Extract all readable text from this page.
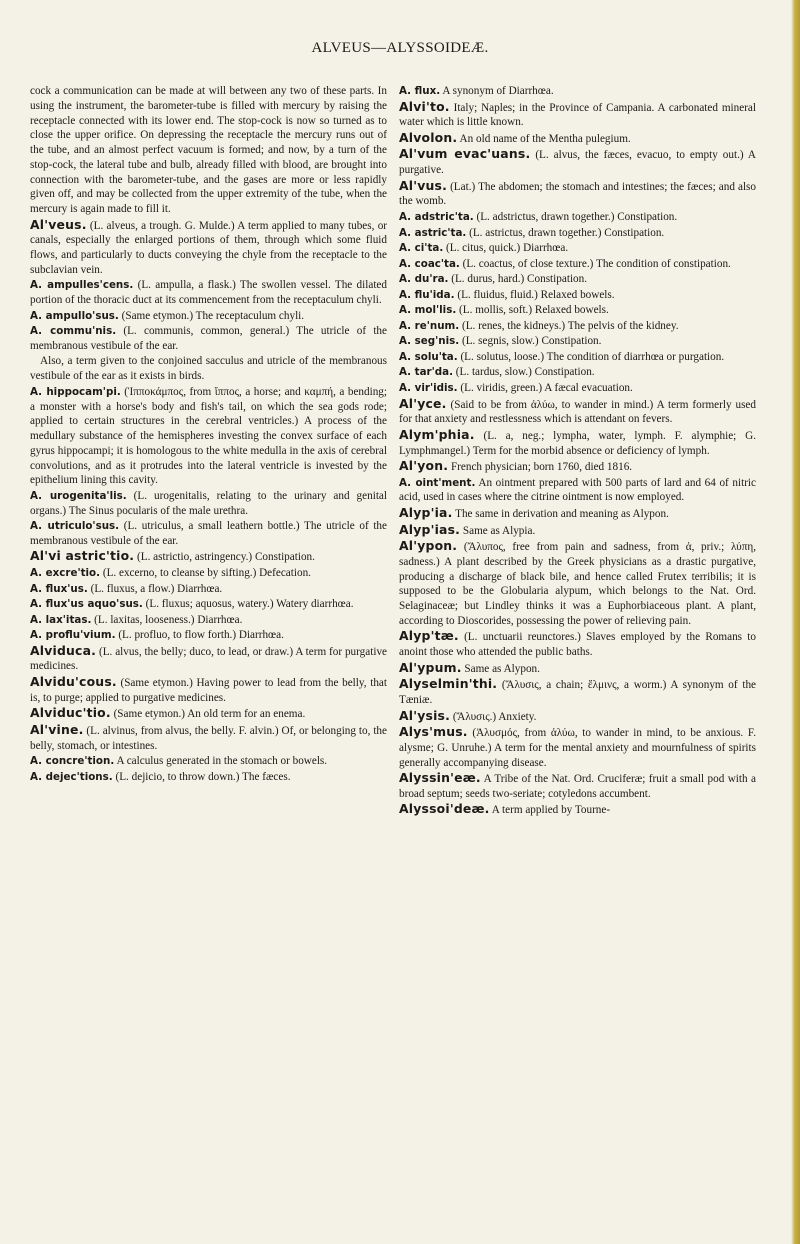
ALVEUS—ALYSSOIDEÆ.

cock a communication can be made at will between any two of these parts. In using the instrument, the barometer-tube is filled with mercury by raising the receptacle connected with its lower end. The stop-cock is now so turned as to close the upper orifice. On depressing the receptacle the mercury runs out of the tube, and an almost perfect vacuum is formed; and now, by a turn of the stop-cock, the lateral tube and bulb, already filled with blood, are brought into connection with the barometer-tube, and the gases are more or less rapidly given off, and may be collected from the upper extremity of the tube, when the mercury is again made to fill it.

Al'veus. (L. alveus, a trough. G. Mulde.) A term applied to many tubes, or canals, especially the enlarged portions of them, through which some fluid flows, and particularly to ducts conveying the chyle from the receptacle to the subclavian vein.

A. ampulles'cens. (L. ampulla, a flask.) The swollen vessel. The dilated portion of the thoracic duct at its commencement from the receptaculum chyli.

A. ampullo'sus. (Same etymon.) The receptaculum chyli.

A. commu'nis. (L. communis, common, general.) The utricle of the membranous vestibule of the ear.

Also, a term given to the conjoined sacculus and utricle of the membranous vestibule of the ear as it exists in birds.

A. hippocam'pi. (Ἱπποκάμπος, from ἵππος, a horse; and καμπή, a bending; a monster with a horse's body and fish's tail, on which the sea gods rode; applied to certain structures in the cerebral ventricles.) A process of the medullary substance of the hemispheres investing the convex surface of each gyrus hippocampi; it is homologous to the white medulla in the axis of cerebral convolutions, and as it protrudes into the lateral ventricle is invested by the epithelium lining this cavity.

A. urogenita'lis. (L. urogenitalis, relating to the urinary and genital organs.) The Sinus pocularis of the male urethra.

A. utriculo'sus. (L. utriculus, a small leathern bottle.) The utricle of the membranous vestibule of the ear.

Al'vi astric'tio. (L. astrictio, astringency.) Constipation.

A. excre'tio. (L. excerno, to cleanse by sifting.) Defecation.

A. flux'us. (L. fluxus, a flow.) Diarrhœa.

A. flux'us aquo'sus. (L. fluxus; aquosus, watery.) Watery diarrhœa.

A. lax'itas. (L. laxitas, looseness.) Diarrhœa.

A. proflu'vium. (L. profluo, to flow forth.) Diarrhœa.

Alviduca. (L. alvus, the belly; duco, to lead, or draw.) A term for purgative medicines.

Alvidu'cous. (Same etymon.) Having power to lead from the belly, that is, to purge; applied to purgative medicines.

Alviduc'tio. (Same etymon.) An old term for an enema.

Al'vine. (L. alvinus, from alvus, the belly. F. alvin.) Of, or belonging to, the belly, stomach, or intestines.

A. concre'tion. A calculus generated in the stomach or bowels.

A. dejec'tions. (L. dejicio, to throw down.) The fæces.

A. flux. A synonym of Diarrhœa.

Alvi'to. Italy; Naples; in the Province of Campania. A carbonated mineral water which is little known.

Alvolon. An old name of the Mentha pulegium.

Al'vum evac'uans. (L. alvus, the fæces, evacuo, to empty out.) A purgative.

Al'vus. (Lat.) The abdomen; the stomach and intestines; the fæces; and also the womb.

A. adstric'ta. (L. adstrictus, drawn together.) Constipation.

A. astric'ta. (L. astrictus, drawn together.) Constipation.

A. ci'ta. (L. citus, quick.) Diarrhœa.

A. coac'ta. (L. coactus, of close texture.) The condition of constipation.

A. du'ra. (L. durus, hard.) Constipation.

A. flu'ida. (L. fluidus, fluid.) Relaxed bowels.

A. mol'lis. (L. mollis, soft.) Relaxed bowels.

A. re'num. (L. renes, the kidneys.) The pelvis of the kidney.

A. seg'nis. (L. segnis, slow.) Constipation.

A. solu'ta. (L. solutus, loose.) The condition of diarrhœa or purgation.

A. tar'da. (L. tardus, slow.) Constipation.

A. vir'idis. (L. viridis, green.) A fæcal evacuation.

Al'yce. (Said to be from ἀλύω, to wander in mind.) A term formerly used for that anxiety and restlessness which is attendant on fevers.

Alym'phia. (L. a, neg.; lympha, water, lymph. F. alymphie; G. Lymphmangel.) Term for the morbid absence or deficiency of lymph.

Al'yon. French physician; born 1760, died 1816.

A. oint'ment. An ointment prepared with 500 parts of lard and 64 of nitric acid, used in cases where the citrine ointment is now employed.

Alyp'ia. The same in derivation and meaning as Alypon.

Alyp'ias. Same as Alypia.

Al'ypon. (Ἄλυπος, free from pain and sadness, from ἀ, priv.; λύπη, sadness.) A plant described by the Greek physicians as a drastic purgative, producing a discharge of black bile, and hence called Frutex terribilis; it is supposed to be the Globularia alypum, which belongs to the Nat. Ord. Selaginaceæ; but Lindley thinks it was a Euphorbiaceous plant. A plant, according to Dioscorides, possessing the power of relieving pain.

Alyp'tæ. (L. unctuarii reunctores.) Slaves employed by the Romans to anoint those who attended the public baths.

Al'ypum. Same as Alypon.

Alyselmin'thi. (Ἅλυσις, a chain; ἕλμινς, a worm.) A synonym of the Tæniæ.

Al'ysis. (Ἄλυσις.) Anxiety.

Alys'mus. (Ἀλυσμός, from ἀλύω, to wander in mind, to be anxious. F. alysme; G. Unruhe.) A term for the mental anxiety and mournfulness of spirits generally accompanying disease.

Alyssin'eæ. A Tribe of the Nat. Ord. Cruciferæ; fruit a small pod with a broad septum; seeds two-seriate; cotyledons accumbent.

Alyssoi'deæ. A term applied by Tourne-
